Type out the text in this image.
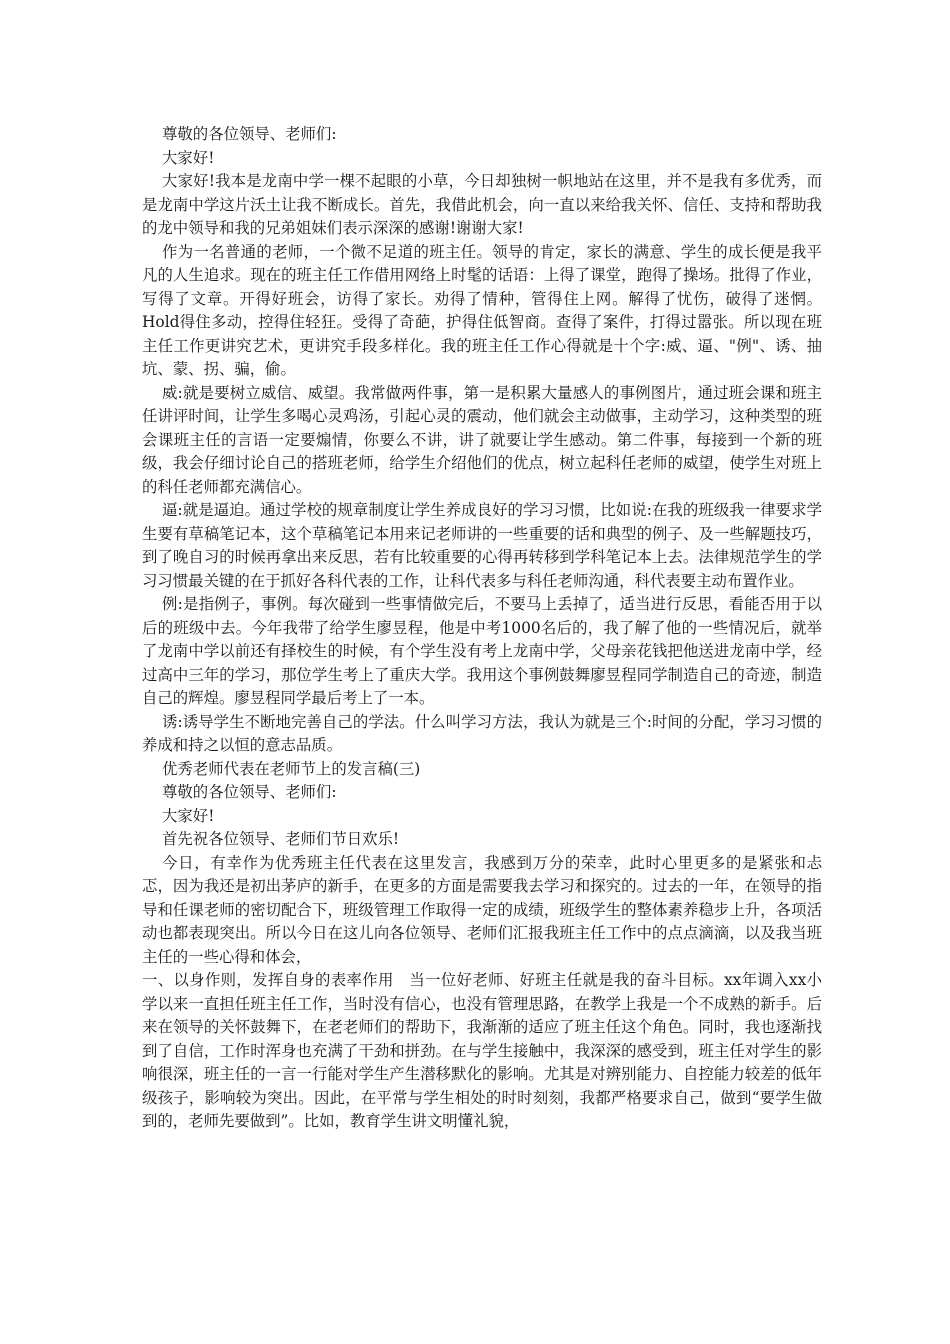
尊敬的各位领导、老师们:

大家好!

大家好!我本是龙南中学一棵不起眼的小草，今日却独树一帜地站在这里，并不是我有多优秀，而是龙南中学这片沃土让我不断成长。首先，我借此机会，向一直以来给我关怀、信任、支持和帮助我的龙中领导和我的兄弟姐妹们表示深深的感谢!谢谢大家!

作为一名普通的老师，一个微不足道的班主任。领导的肯定，家长的满意、学生的成长便是我平凡的人生追求。现在的班主任工作借用网络上时髦的话语：上得了课堂，跑得了操场。批得了作业，写得了文章。开得好班会，访得了家长。劝得了情种，管得住上网。解得了忧伤，破得了迷惘。Hold得住多动，控得住轻狂。受得了奇葩，护得住低智商。查得了案件，打得过嚣张。所以现在班主任工作更讲究艺术，更讲究手段多样化。我的班主任工作心得就是十个字:威、逼、"例"、诱、抽 坑、蒙、拐、骗，偷。

威:就是要树立威信、威望。我常做两件事，第一是积累大量感人的事例图片，通过班会课和班主任讲评时间，让学生多喝心灵鸡汤，引起心灵的震动，他们就会主动做事，主动学习，这种类型的班会课班主任的言语一定要煽情，你要么不讲，讲了就要让学生感动。第二件事，每接到一个新的班级，我会仔细讨论自己的搭班老师，给学生介绍他们的优点，树立起科任老师的威望，使学生对班上的科任老师都充满信心。

逼:就是逼迫。通过学校的规章制度让学生养成良好的学习习惯，比如说:在我的班级我一律要求学生要有草稿笔记本，这个草稿笔记本用来记老师讲的一些重要的话和典型的例子、及一些解题技巧，到了晚自习的时候再拿出来反思，若有比较重要的心得再转移到学科笔记本上去。法律规范学生的学习习惯最关键的在于抓好各科代表的工作，让科代表多与科任老师沟通，科代表要主动布置作业。

例:是指例子，事例。每次碰到一些事情做完后，不要马上丢掉了，适当进行反思，看能否用于以后的班级中去。今年我带了给学生廖昱程，他是中考1000名后的，我了解了他的一些情况后，就举了龙南中学以前还有择校生的时候，有个学生没有考上龙南中学，父母亲花钱把他送进龙南中学，经过高中三年的学习，那位学生考上了重庆大学。我用这个事例鼓舞廖昱程同学制造自己的奇迹，制造自己的辉煌。廖昱程同学最后考上了一本。

诱:诱导学生不断地完善自己的学法。什么叫学习方法，我认为就是三个:时间的分配，学习习惯的养成和持之以恒的意志品质。

优秀老师代表在老师节上的发言稿(三)

尊敬的各位领导、老师们:

大家好!

首先祝各位领导、老师们节日欢乐!

今日，有幸作为优秀班主任代表在这里发言，我感到万分的荣幸，此时心里更多的是紧张和忐忑，因为我还是初出茅庐的新手，在更多的方面是需要我去学习和探究的。过去的一年，在领导的指导和任课老师的密切配合下，班级管理工作取得一定的成绩，班级学生的整体素养稳步上升，各项活动也都表现突出。所以今日在这儿向各位领导、老师们汇报我班主任工作中的点点滴滴，以及我当班主任的一些心得和体会，

一、以身作则，发挥自身的表率作用　当一位好老师、好班主任就是我的奋斗目标。xx年调入xx小学以来一直担任班主任工作，当时没有信心，也没有管理思路，在教学上我是一个不成熟的新手。后来在领导的关怀鼓舞下，在老老师们的帮助下，我渐渐的适应了班主任这个角色。同时，我也逐渐找到了自信，工作时浑身也充满了干劲和拼劲。在与学生接触中，我深深的感受到，班主任对学生的影响很深，班主任的一言一行能对学生产生潜移默化的影响。尤其是对辨别能力、自控能力较差的低年级孩子，影响较为突出。因此，在平常与学生相处的时时刻刻，我都严格要求自己，做到“要学生做到的，老师先要做到”。比如，教育学生讲文明懂礼貌，
